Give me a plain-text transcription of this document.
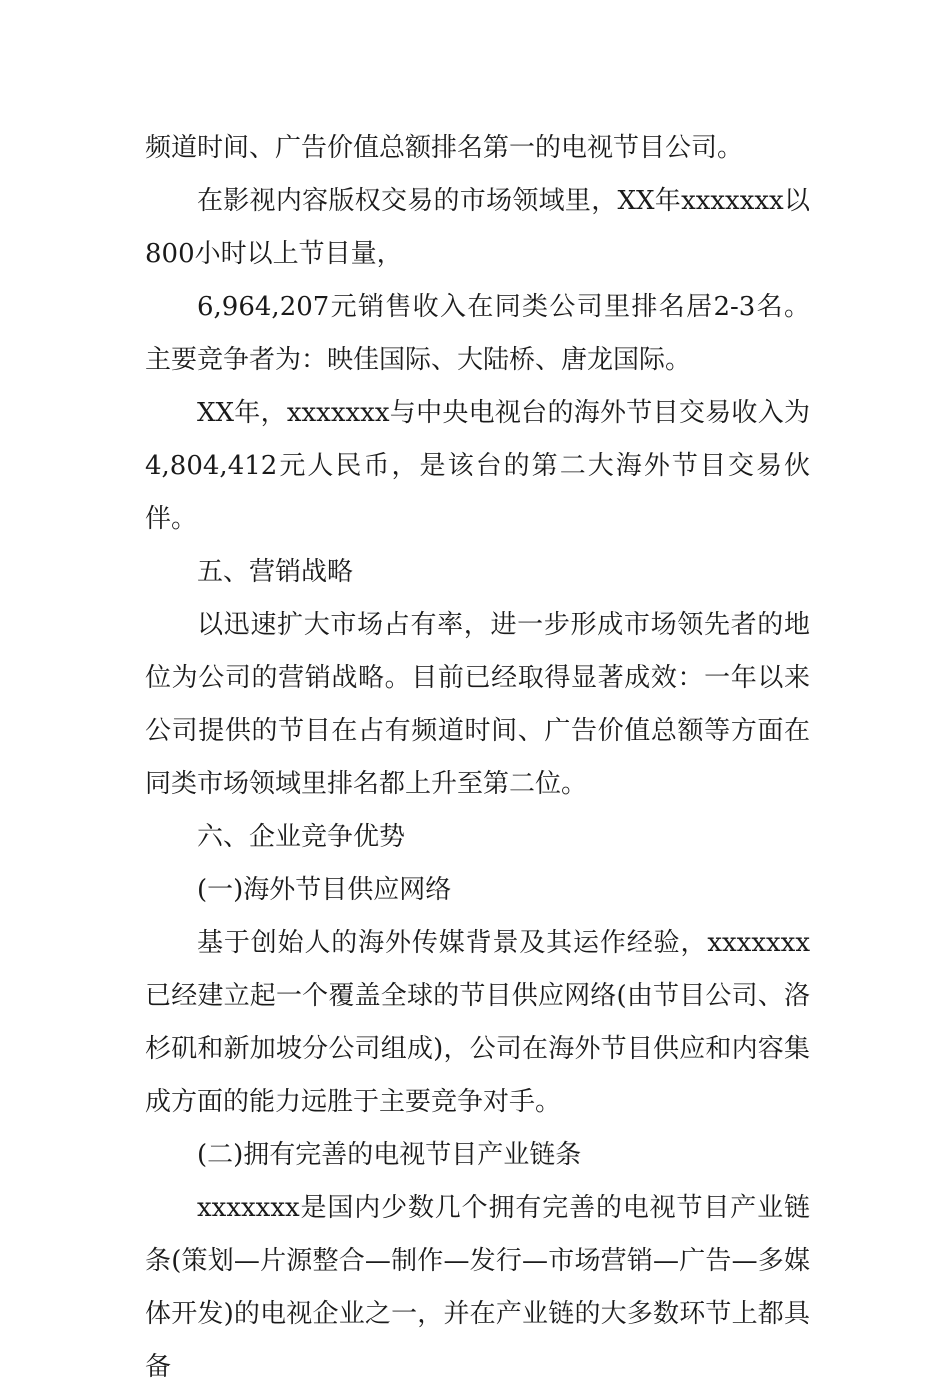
频道时间、广告价值总额排名第一的电视节目公司。

在影视内容版权交易的市场领域里，XX年xxxxxxx以800小时以上节目量，

6,964,207元销售收入在同类公司里排名居2-3名。主要竞争者为：映佳国际、大陆桥、唐龙国际。

XX年，xxxxxxx与中央电视台的海外节目交易收入为4,804,412元人民币，是该台的第二大海外节目交易伙伴。

五、营销战略

以迅速扩大市场占有率，进一步形成市场领先者的地位为公司的营销战略。目前已经取得显著成效：一年以来公司提供的节目在占有频道时间、广告价值总额等方面在同类市场领域里排名都上升至第二位。

六、企业竞争优势

(一)海外节目供应网络

基于创始人的海外传媒背景及其运作经验，xxxxxxx已经建立起一个覆盖全球的节目供应网络(由节目公司、洛杉矶和新加坡分公司组成)，公司在海外节目供应和内容集成方面的能力远胜于主要竞争对手。

(二)拥有完善的电视节目产业链条

xxxxxxx是国内少数几个拥有完善的电视节目产业链条(策划—片源整合—制作—发行—市场营销—广告—多媒体开发)的电视企业之一，并在产业链的大多数环节上都具备
